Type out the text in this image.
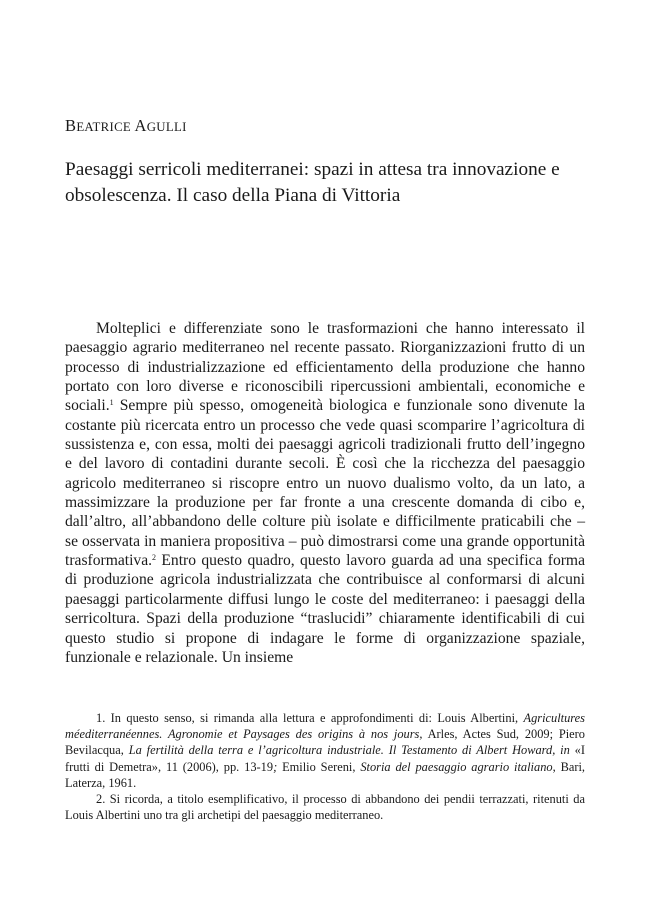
BEATRICE AGULLI
Paesaggi serricoli mediterranei: spazi in attesa tra innovazione e obsolescenza. Il caso della Piana di Vittoria

Molteplici e differenziate sono le trasformazioni che hanno interessato il paesaggio agrario mediterraneo nel recente passato. Riorganizzazioni frutto di un processo di industrializzazione ed efficientamento della produzione che hanno portato con loro diverse e riconoscibili ripercussioni ambientali, economiche e sociali.$^1$ Sempre più spesso, omogeneità biologica e funzionale sono divenute la costante più ricercata entro un processo che vede quasi scomparire l’agricoltura di sussistenza e, con essa, molti dei paesaggi agricoli tradizionali frutto dell’ingegno e del lavoro di contadini durante secoli. È così che la ricchezza del paesaggio agricolo mediterraneo si riscopre entro un nuovo dualismo volto, da un lato, a massimizzare la produzione per far fronte a una crescente domanda di cibo e, dall’altro, all’abbandono delle colture più isolate e difficilmente praticabili che – se osservata in maniera propositiva – può dimostrarsi come una grande opportunità trasformativa.$^2$ Entro questo quadro, questo lavoro guarda ad una specifica forma di produzione agricola industrializzata che contribuisce al conformarsi di alcuni paesaggi particolarmente diffusi lungo le coste del mediterraneo: i paesaggi della serricoltura. Spazi della produzione “traslucidi” chiaramente identificabili di cui questo studio si propone di indagare le forme di organizzazione spaziale, funzionale e relazionale. Un insieme

1. In questo senso, si rimanda alla lettura e approfondimenti di: Louis Albertini, Agricultures méediterranéennes. Agronomie et Paysages des origins à nos jours, Arles, Actes Sud, 2009; Piero Bevilacqua, La fertilità della terra e l’agricoltura industriale. Il Testamento di Albert Howard, in «I frutti di Demetra», 11 (2006), pp. 13-19; Emilio Sereni, Storia del paesaggio agrario italiano, Bari, Laterza, 1961.

2. Si ricorda, a titolo esemplificativo, il processo di abbandono dei pendii terrazzati, ritenuti da Louis Albertini uno tra gli archetipi del paesaggio mediterraneo.
